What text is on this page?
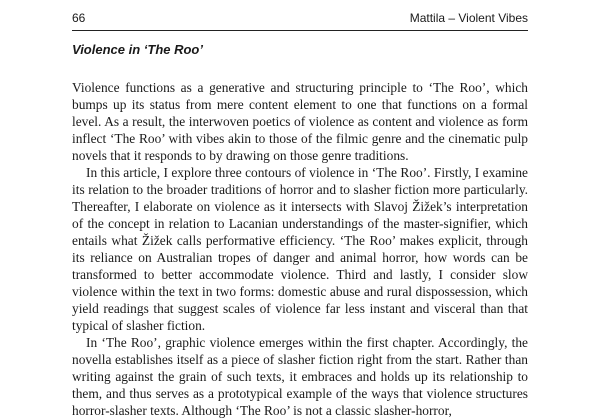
66	Mattila – Violent Vibes
Violence in ‘The Roo’

Violence functions as a generative and structuring principle to ‘The Roo’, which bumps up its status from mere content element to one that functions on a formal level. As a result, the interwoven poetics of violence as content and violence as form inflect ‘The Roo’ with vibes akin to those of the filmic genre and the cinematic pulp novels that it responds to by drawing on those genre traditions.

In this article, I explore three contours of violence in ‘The Roo’. Firstly, I examine its relation to the broader traditions of horror and to slasher fiction more particularly. Thereafter, I elaborate on violence as it intersects with Slavoj Žižek’s interpretation of the concept in relation to Lacanian understandings of the master-signifier, which entails what Žižek calls performative efficiency. ‘The Roo’ makes explicit, through its reliance on Australian tropes of danger and animal horror, how words can be transformed to better accommodate violence. Third and lastly, I consider slow violence within the text in two forms: domestic abuse and rural dispossession, which yield readings that suggest scales of violence far less instant and visceral than that typical of slasher fiction.

In ‘The Roo’, graphic violence emerges within the first chapter. Accordingly, the novella establishes itself as a piece of slasher fiction right from the start. Rather than writing against the grain of such texts, it embraces and holds up its relationship to them, and thus serves as a prototypical example of the ways that violence structures horror-slasher texts. Although ‘The Roo’ is not a classic slasher-horror,
